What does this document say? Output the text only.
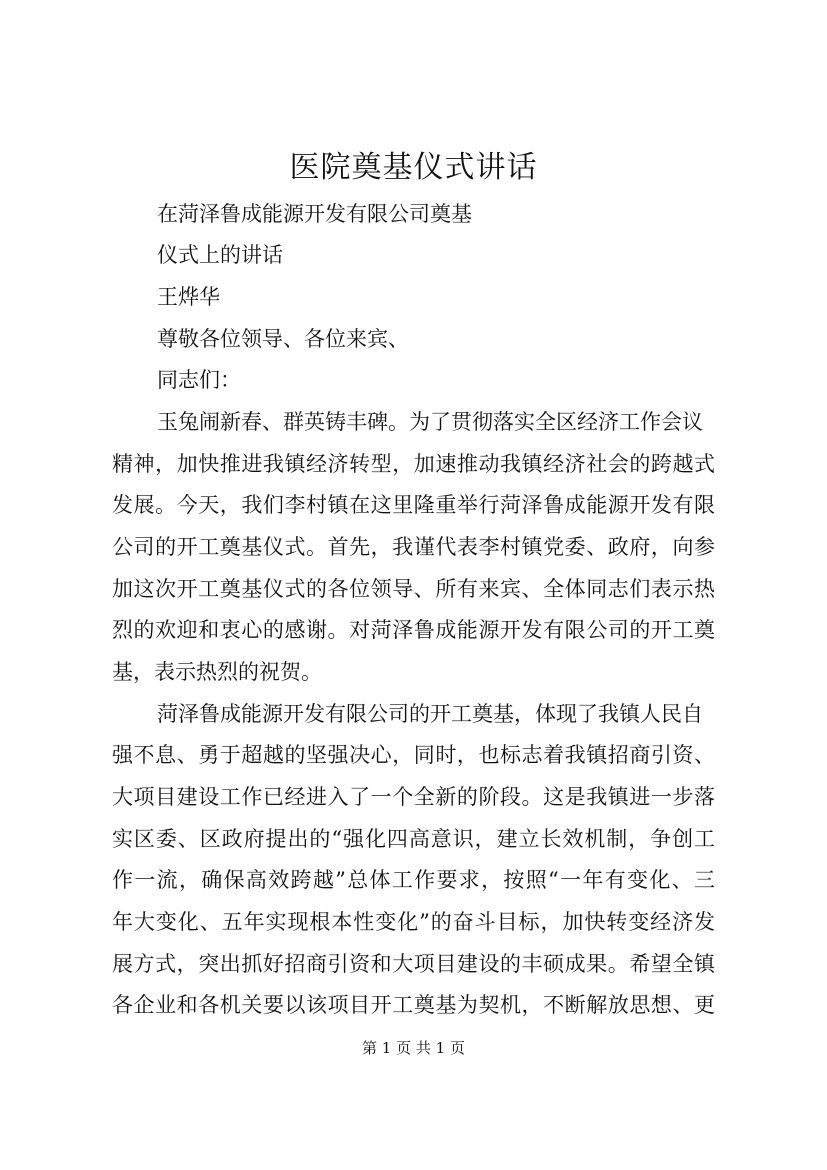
医院奠基仪式讲话

在菏泽鲁成能源开发有限公司奠基

仪式上的讲话

王烨华

尊敬各位领导、各位来宾、

同志们：

玉兔闹新春、群英铸丰碑。为了贯彻落实全区经济工作会议

精神，加快推进我镇经济转型，加速推动我镇经济社会的跨越式

发展。今天，我们李村镇在这里隆重举行菏泽鲁成能源开发有限

公司的开工奠基仪式。首先，我谨代表李村镇党委、政府，向参

加这次开工奠基仪式的各位领导、所有来宾、全体同志们表示热

烈的欢迎和衷心的感谢。对菏泽鲁成能源开发有限公司的开工奠

基，表示热烈的祝贺。

菏泽鲁成能源开发有限公司的开工奠基，体现了我镇人民自

强不息、勇于超越的坚强决心，同时，也标志着我镇招商引资、

大项目建设工作已经进入了一个全新的阶段。这是我镇进一步落

实区委、区政府提出的“强化四高意识，建立长效机制，争创工

作一流，确保高效跨越”总体工作要求，按照“一年有变化、三

年大变化、五年实现根本性变化”的奋斗目标，加快转变经济发

展方式，突出抓好招商引资和大项目建设的丰硕成果。希望全镇

各企业和各机关要以该项目开工奠基为契机，不断解放思想、更

第 1 页 共 1 页
